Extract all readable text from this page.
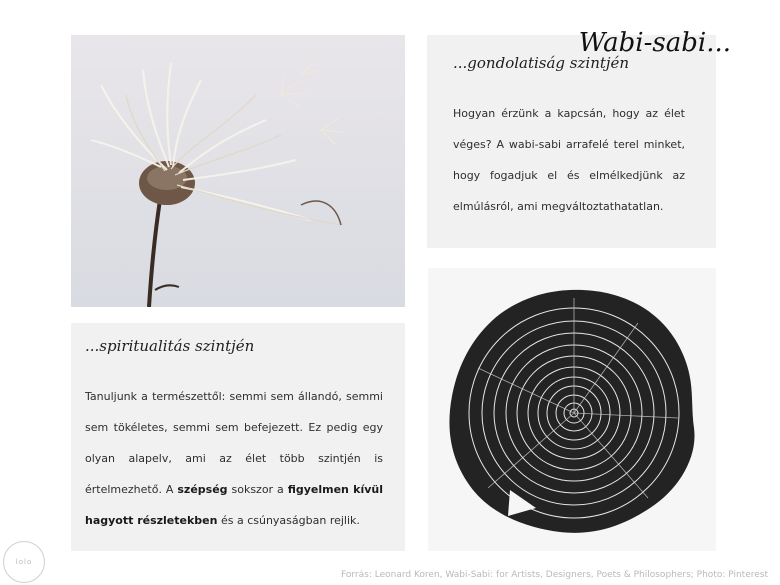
...gondolatiság szintjén
Hogyan érzünk a kapcsán, hogy az élet véges? A wabi-sabi arrafelé terel minket, hogy fogadjuk el és elmélkedjünk az elmúlásról, ami megváltoztathatatlan.
...spiritualitás szintjén
Tanuljunk a természettől: semmi sem állandó, semmi sem tökéletes, semmi sem befejezett. Ez pedig egy olyan alapelv, ami az élet több szintjén is értelmezhető. A szépség sokszor a figyelmen kívül hagyott részletekben és a csúnyaságban rejlik.
Wabi-sabi...
lolo
Forrás: Leonard Koren, Wabi-Sabi: for Artists, Designers, Poets & Philosophers; Photo: Pinterest
